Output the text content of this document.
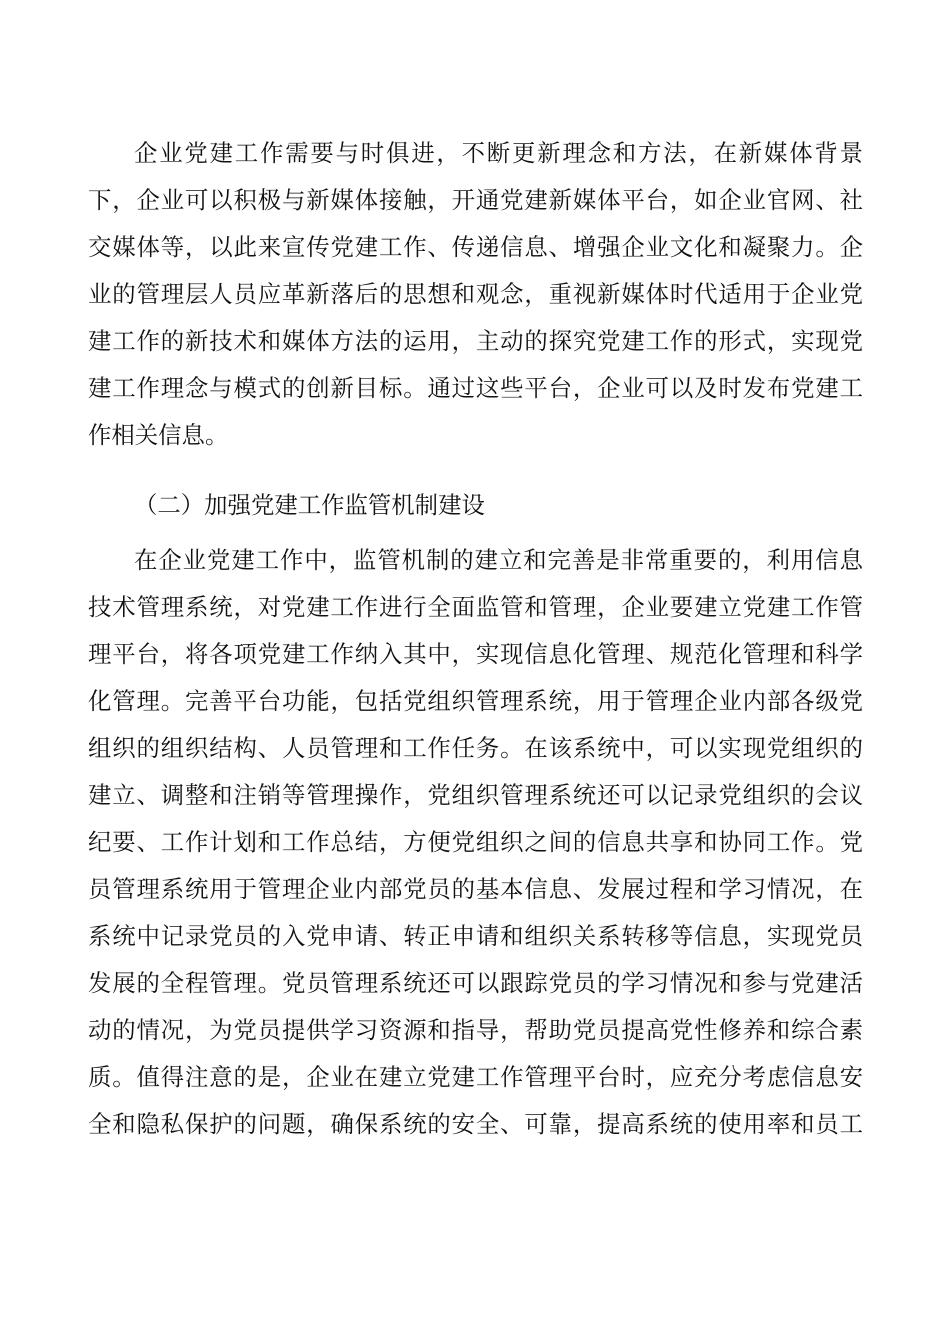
企业党建工作需要与时俱进，不断更新理念和方法，在新媒体背景
下，企业可以积极与新媒体接触，开通党建新媒体平台，如企业官网、社
交媒体等，以此来宣传党建工作、传递信息、增强企业文化和凝聚力。企
业的管理层人员应革新落后的思想和观念，重视新媒体时代适用于企业党
建工作的新技术和媒体方法的运用，主动的探究党建工作的形式，实现党
建工作理念与模式的创新目标。通过这些平台，企业可以及时发布党建工
作相关信息。
（二）加强党建工作监管机制建设
在企业党建工作中，监管机制的建立和完善是非常重要的，利用信息
技术管理系统，对党建工作进行全面监管和管理，企业要建立党建工作管
理平台，将各项党建工作纳入其中，实现信息化管理、规范化管理和科学
化管理。完善平台功能，包括党组织管理系统，用于管理企业内部各级党
组织的组织结构、人员管理和工作任务。在该系统中，可以实现党组织的
建立、调整和注销等管理操作，党组织管理系统还可以记录党组织的会议
纪要、工作计划和工作总结，方便党组织之间的信息共享和协同工作。党
员管理系统用于管理企业内部党员的基本信息、发展过程和学习情况，在
系统中记录党员的入党申请、转正申请和组织关系转移等信息，实现党员
发展的全程管理。党员管理系统还可以跟踪党员的学习情况和参与党建活
动的情况，为党员提供学习资源和指导，帮助党员提高党性修养和综合素
质。值得注意的是，企业在建立党建工作管理平台时，应充分考虑信息安
全和隐私保护的问题，确保系统的安全、可靠，提高系统的使用率和员工
